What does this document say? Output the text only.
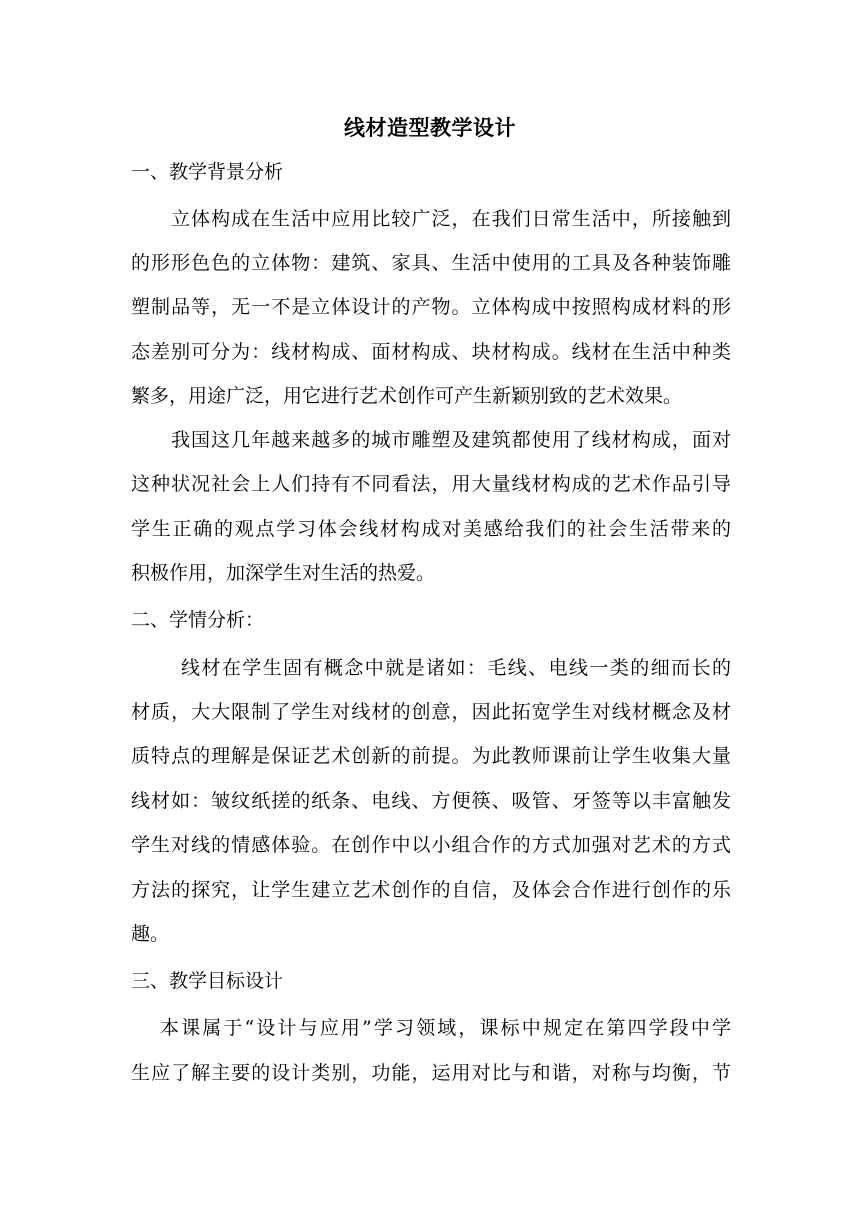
线材造型教学设计
一、教学背景分析
立体构成在生活中应用比较广泛，在我们日常生活中，所接触到
的形形色色的立体物：建筑、家具、生活中使用的工具及各种装饰雕
塑制品等，无一不是立体设计的产物。立体构成中按照构成材料的形
态差别可分为：线材构成、面材构成、块材构成。线材在生活中种类
繁多，用途广泛，用它进行艺术创作可产生新颖别致的艺术效果。
我国这几年越来越多的城市雕塑及建筑都使用了线材构成，面对
这种状况社会上人们持有不同看法，用大量线材构成的艺术作品引导
学生正确的观点学习体会线材构成对美感给我们的社会生活带来的
积极作用，加深学生对生活的热爱。
二、学情分析：
线材在学生固有概念中就是诸如：毛线、电线一类的细而长的
材质，大大限制了学生对线材的创意，因此拓宽学生对线材概念及材
质特点的理解是保证艺术创新的前提。为此教师课前让学生收集大量
线材如：皱纹纸搓的纸条、电线、方便筷、吸管、牙签等以丰富触发
学生对线的情感体验。在创作中以小组合作的方式加强对艺术的方式
方法的探究，让学生建立艺术创作的自信，及体会合作进行创作的乐
趣。
三、教学目标设计
本课属于“设计与应用”学习领域，课标中规定在第四学段中学
生应了解主要的设计类别，功能，运用对比与和谐，对称与均衡，节
